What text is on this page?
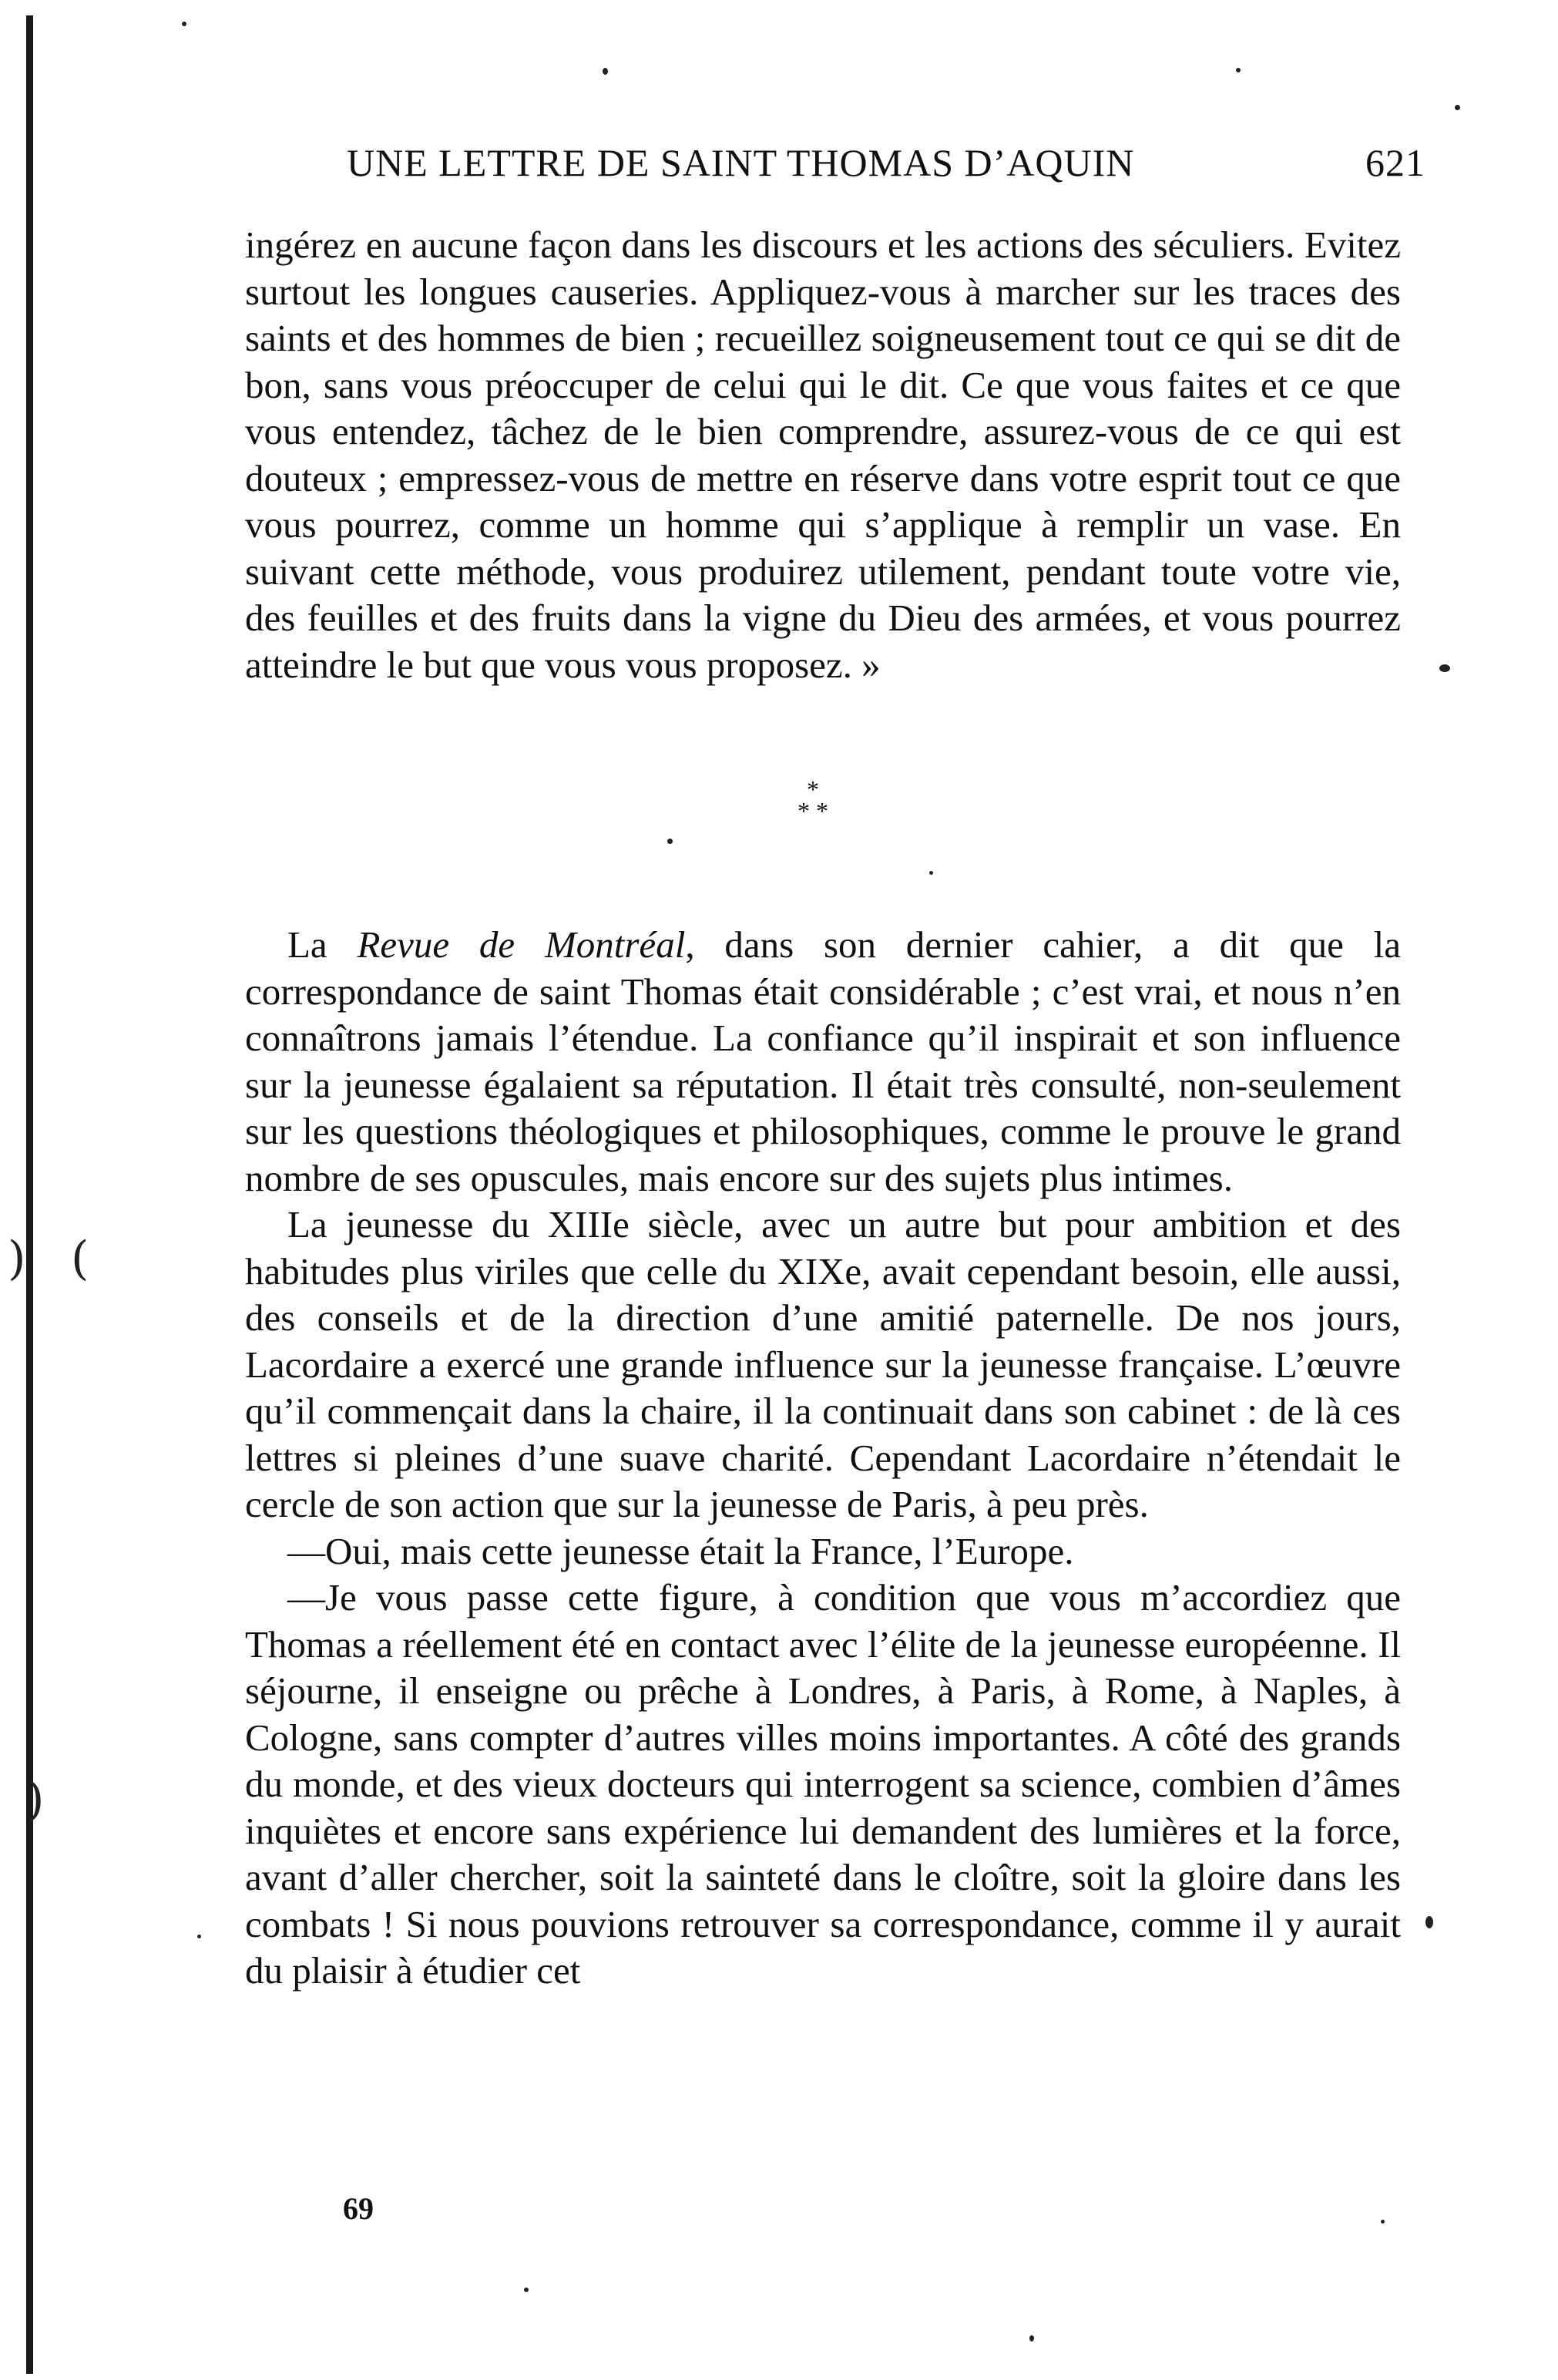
UNE LETTRE DE SAINT THOMAS D’AQUIN	621

ingérez en aucune façon dans les discours et les actions des séculiers. Evitez surtout les longues causeries. Appliquez-vous à marcher sur les traces des saints et des hommes de bien ; recueillez soigneusement tout ce qui se dit de bon, sans vous préoccuper de celui qui le dit. Ce que vous faites et ce que vous entendez, tâchez de le bien comprendre, assurez-vous de ce qui est douteux ; empressez-vous de mettre en réserve dans votre esprit tout ce que vous pourrez, comme un homme qui s’applique à remplir un vase. En suivant cette méthode, vous produirez utilement, pendant toute votre vie, des feuilles et des fruits dans la vigne du Dieu des armées, et vous pourrez atteindre le but que vous vous proposez. »

*
* *

La Revue de Montréal, dans son dernier cahier, a dit que la correspondance de saint Thomas était considérable ; c’est vrai, et nous n’en connaîtrons jamais l’étendue. La confiance qu’il inspirait et son influence sur la jeunesse égalaient sa réputation. Il était très consulté, non-seulement sur les questions théologiques et philosophiques, comme le prouve le grand nombre de ses opuscules, mais encore sur des sujets plus intimes.

La jeunesse du XIIIe siècle, avec un autre but pour ambition et des habitudes plus viriles que celle du XIXe, avait cependant besoin, elle aussi, des conseils et de la direction d’une amitié paternelle. De nos jours, Lacordaire a exercé une grande influence sur la jeunesse française. L’œuvre qu’il commençait dans la chaire, il la continuait dans son cabinet : de là ces lettres si pleines d’une suave charité. Cependant Lacordaire n’étendait le cercle de son action que sur la jeunesse de Paris, à peu près.

—Oui, mais cette jeunesse était la France, l’Europe.

—Je vous passe cette figure, à condition que vous m’accordiez que Thomas a réellement été en contact avec l’élite de la jeunesse européenne. Il séjourne, il enseigne ou prêche à Londres, à Paris, à Rome, à Naples, à Cologne, sans compter d’autres villes moins importantes. A côté des grands du monde, et des vieux docteurs qui interrogent sa science, combien d’âmes inquiètes et encore sans expérience lui demandent des lumières et la force, avant d’aller chercher, soit la sainteté dans le cloître, soit la gloire dans les combats ! Si nous pouvions retrouver sa correspondance, comme il y aurait du plaisir à étudier cet

69
) (
)
